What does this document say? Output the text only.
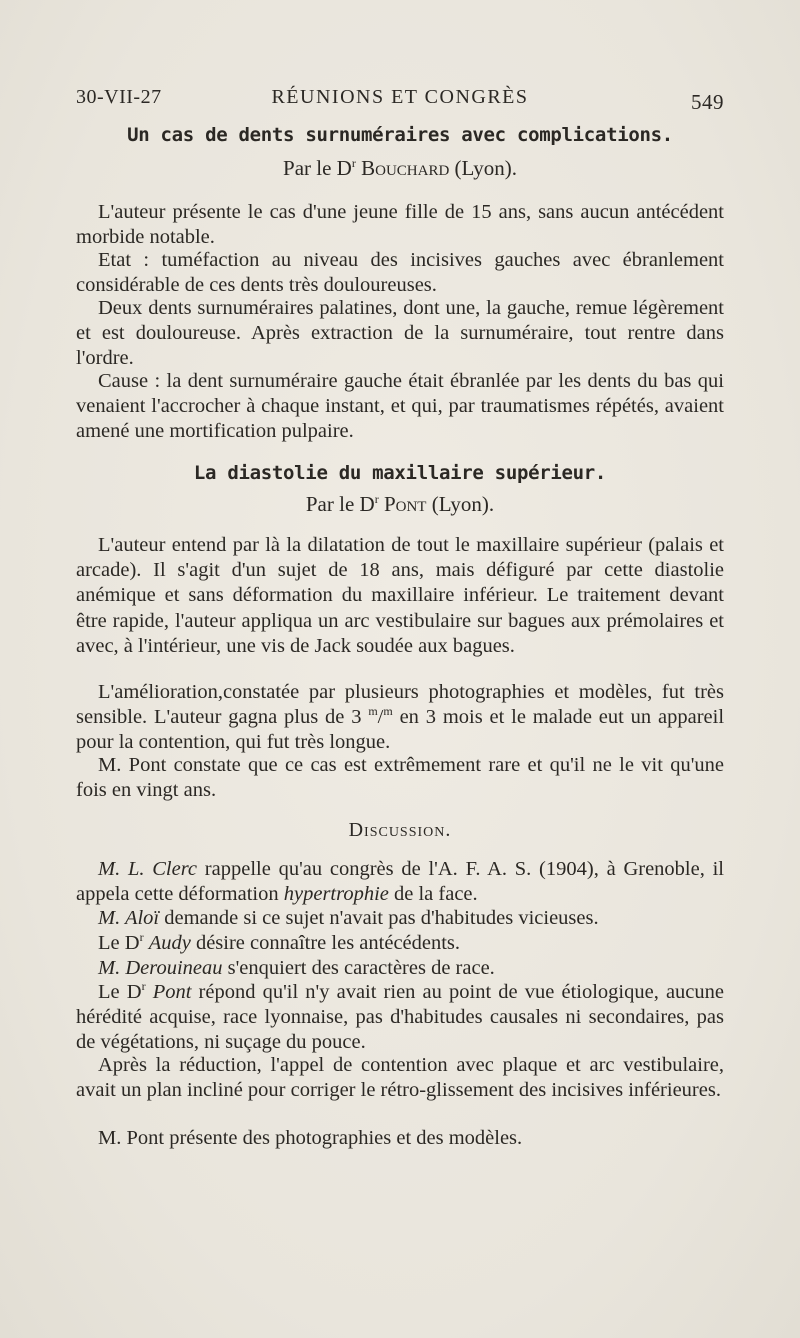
30-VII-27	RÉUNIONS ET CONGRÈS	549
Un cas de dents surnuméraires avec complications.
Par le $D^r$ Bouchard (Lyon).

L'auteur présente le cas d'une jeune fille de 15 ans, sans aucun antécédent morbide notable.

Etat : tuméfaction au niveau des incisives gauches avec ébranlement considérable de ces dents très douloureuses.

Deux dents surnuméraires palatines, dont une, la gauche, remue légèrement et est douloureuse. Après extraction de la surnuméraire, tout rentre dans l'ordre.

Cause : la dent surnuméraire gauche était ébranlée par les dents du bas qui venaient l'accrocher à chaque instant, et qui, par traumatismes répétés, avaient amené une mortification pulpaire.

La diastolie du maxillaire supérieur.
Par le $D^r$ Pont (Lyon).

L'auteur entend par là la dilatation de tout le maxillaire supérieur (palais et arcade). Il s'agit d'un sujet de 18 ans, mais défiguré par cette diastolie anémique et sans déformation du maxillaire inférieur. Le traitement devant être rapide, l'auteur appliqua un arc vestibulaire sur bagues aux prémolaires et avec, à l'intérieur, une vis de Jack soudée aux bagues.

L'amélioration,constatée par plusieurs photographies et modèles, fut très sensible. L'auteur gagna plus de 3 $^m$/$^m$ en 3 mois et le malade eut un appareil pour la contention, qui fut très longue.

M. Pont constate que ce cas est extrêmement rare et qu'il ne le vit qu'une fois en vingt ans.

Discussion.

M. L. Clerc rappelle qu'au congrès de l'A. F. A. S. (1904), à Grenoble, il appela cette déformation hypertrophie de la face.

M. Aloï demande si ce sujet n'avait pas d'habitudes vicieuses.

Le $D^r$ Audy désire connaître les antécédents.

M. Derouineau s'enquiert des caractères de race.

Le $D^r$ Pont répond qu'il n'y avait rien au point de vue étiologique, aucune hérédité acquise, race lyonnaise, pas d'habitudes causales ni secondaires, pas de végétations, ni suçage du pouce.

Après la réduction, l'appel de contention avec plaque et arc vestibulaire, avait un plan incliné pour corriger le rétro-glissement des incisives inférieures.

M. Pont présente des photographies et des modèles.
